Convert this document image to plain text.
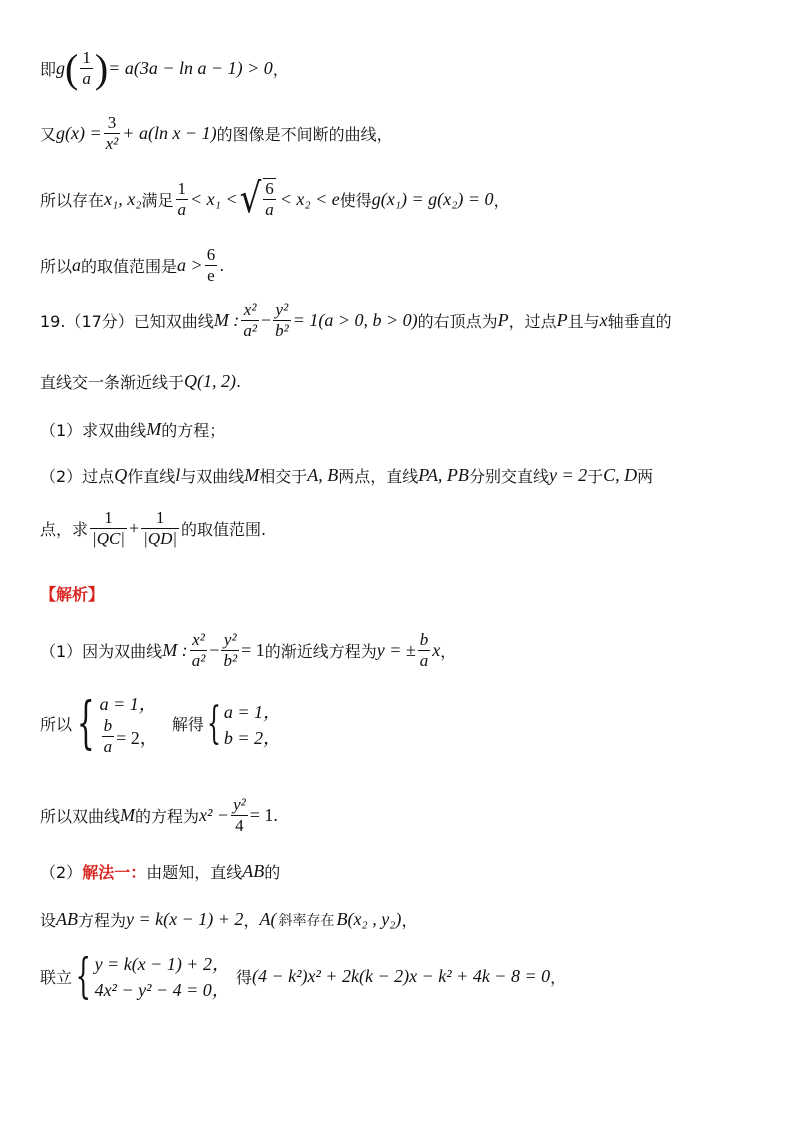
即 g ( $\frac{1}{a}$ ) = a(3a − ln a − 1) > 0 ，
又 $g(x) = \frac{3}{\text{x²}} + a(\ln$ x − 1) 的图像是不间断的曲线，
所以存在 x₁, x₂ 满足 $\frac{1}{a} < x_1$ < √ $\frac{6}{a} < x_2 < e$ 使得 g(x₁) = g(x₂) = 0 ，
所以 a 的取值范围是 $a > \frac{6}{e}$ .
19.（17分）已知双曲线 M : $\frac{\text{x²}}{\text{a²}} - \frac{\text{y²}}{\text{b²}} = 1(a > 0$, b > 0) 的右顶点为 P ，过点 P 且与 x 轴垂直的
直线交一条渐近线于 Q(1, 2) .
（1）求双曲线 M 的方程；
（2）过点 Q 作直线 l 与双曲线 M 相交于 A, B 两点，直线 PA, PB 分别交直线 y = 2 于 C, D 两
点，求 $\frac{1}{|QC|} + \frac{1}{|QD|}$ 的取值范围.
【解析】
（1）因为双曲线 M : $\frac{\text{x²}}{\text{a²}} - \frac{\text{y²}}{\text{b²}} = 1$ 的渐近线方程为 y = ± $\frac{b}{a}$ x ，
所以 { a = 1，
$\frac{b}{a} = 2$，
解得 { a = 1，
b = 2，
所以双曲线 M 的方程为 $x^2 - \frac{\text{y²}}{4} = 1$.
（2） 解法一： 由题知，直线 AB 的
设 AB 方程为 y = k(x − 1) + 2 ， A( 斜率存在 B(x₂ , y₂) ，
联立 { y = k(x − 1) + 2，
4x² − y² − 4 = 0，
得 (4 − k²)x² + 2k(k − 2)x − k² + 4k − 8 = 0 ，
